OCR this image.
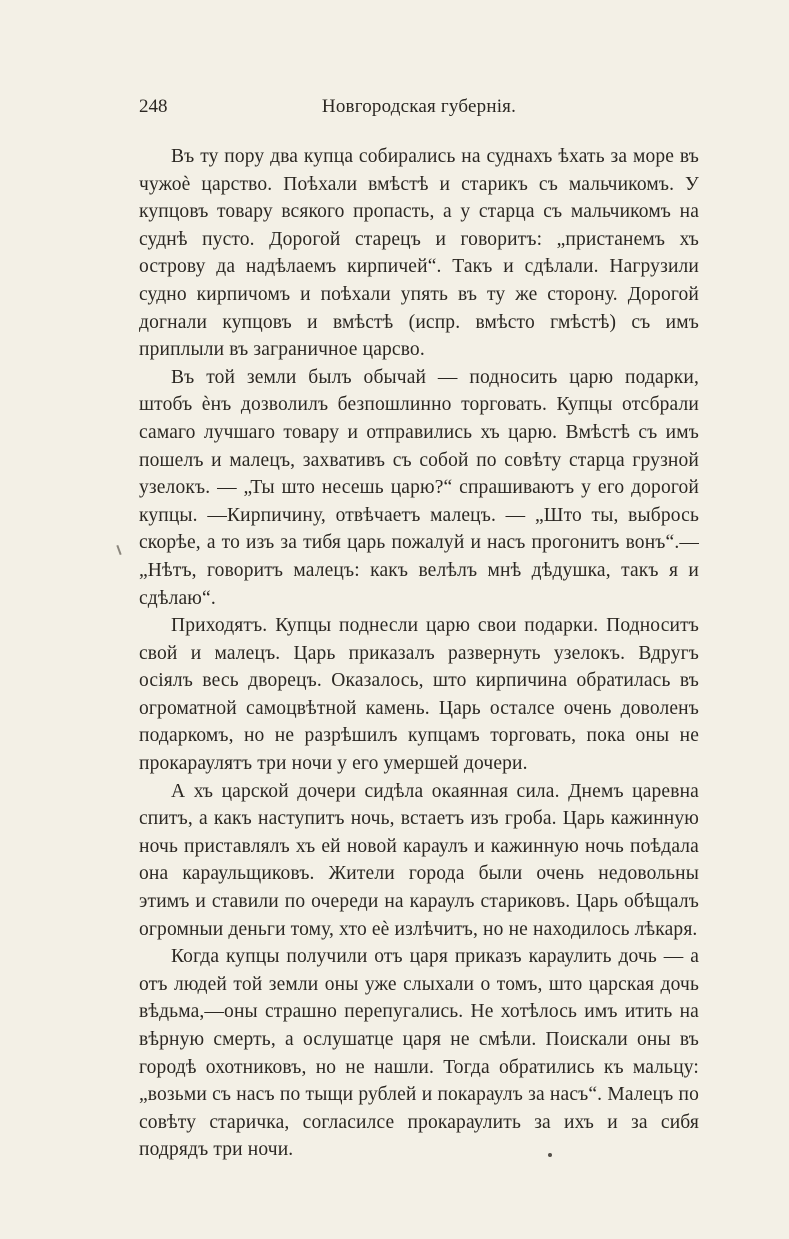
248	Новгородская губернія.

Въ ту пору два купца собирались на суднахъ ѣхать за море въ чужоѐ царство. Поѣхали вмѣстѣ и старикъ съ мальчикомъ. У купцовъ товару всякого пропасть, а у старца съ мальчикомъ на суднѣ пусто. Дорогой старецъ и говоритъ: „пристанемъ хъ острову да надѣлаемъ кирпичей“. Такъ и сдѣлали. Нагрузили судно кирпичомъ и поѣхали упять въ ту же сторону. Дорогой догнали купцовъ и вмѣстѣ (испр. вмѣсто гмѣстѣ) съ имъ приплыли въ заграничное царсво.

Въ той земли былъ обычай — подносить царю подарки, штобъ ѐнъ дозволилъ безпошлинно торговать. Купцы отсбрали самаго лучшаго товару и отправились хъ царю. Вмѣстѣ съ имъ пошелъ и малецъ, захвативъ съ собой по совѣту старца грузной узелокъ. — „Ты што несешь царю?“ спрашиваютъ у его дорогой купцы. —Кирпичину, отвѣчаетъ малецъ. — „Што ты, выбрось скорѣе, а то изъ за тибя царь пожалуй и насъ прогонитъ вонъ“.—„Нѣтъ, говоритъ малецъ: какъ велѣлъ мнѣ дѣдушка, такъ я и сдѣлаю“.

Приходятъ. Купцы поднесли царю свои подарки. Подноситъ свой и малецъ. Царь приказалъ развернуть узелокъ. Вдругъ осіялъ весь дворецъ. Оказалось, што кирпичина обратилась въ огроматной самоцвѣтной камень. Царь осталсе очень доволенъ подаркомъ, но не разрѣшилъ купцамъ торговать, пока оны не прокараулятъ три ночи у его умершей дочери.

А хъ царской дочери сидѣла окаянная сила. Днемъ царевна спитъ, а какъ наступитъ ночь, встаетъ изъ гроба. Царь кажинную ночь приставлялъ хъ ей новой караулъ и кажинную ночь поѣдала она караульщиковъ. Жители города были очень недовольны этимъ и ставили по очереди на караулъ стариковъ. Царь обѣщалъ огромныи деньги тому, хто еѐ излѣчитъ, но не находилось лѣкаря.

Когда купцы получили отъ царя приказъ караулить дочь — а отъ людей той земли оны уже слыхали о томъ, што царская дочь вѣдьма,—оны страшно перепугались. Не хотѣлось имъ итить на вѣрную смерть, а ослушатце царя не смѣли. Поискали оны въ городѣ охотниковъ, но не нашли. Тогда обратились къ мальцу: „возьми съ насъ по тыщи рублей и покараулъ за насъ“. Малецъ по совѣту старичка, согласилсе прокараулить за ихъ и за сибя подрядъ три ночи.
